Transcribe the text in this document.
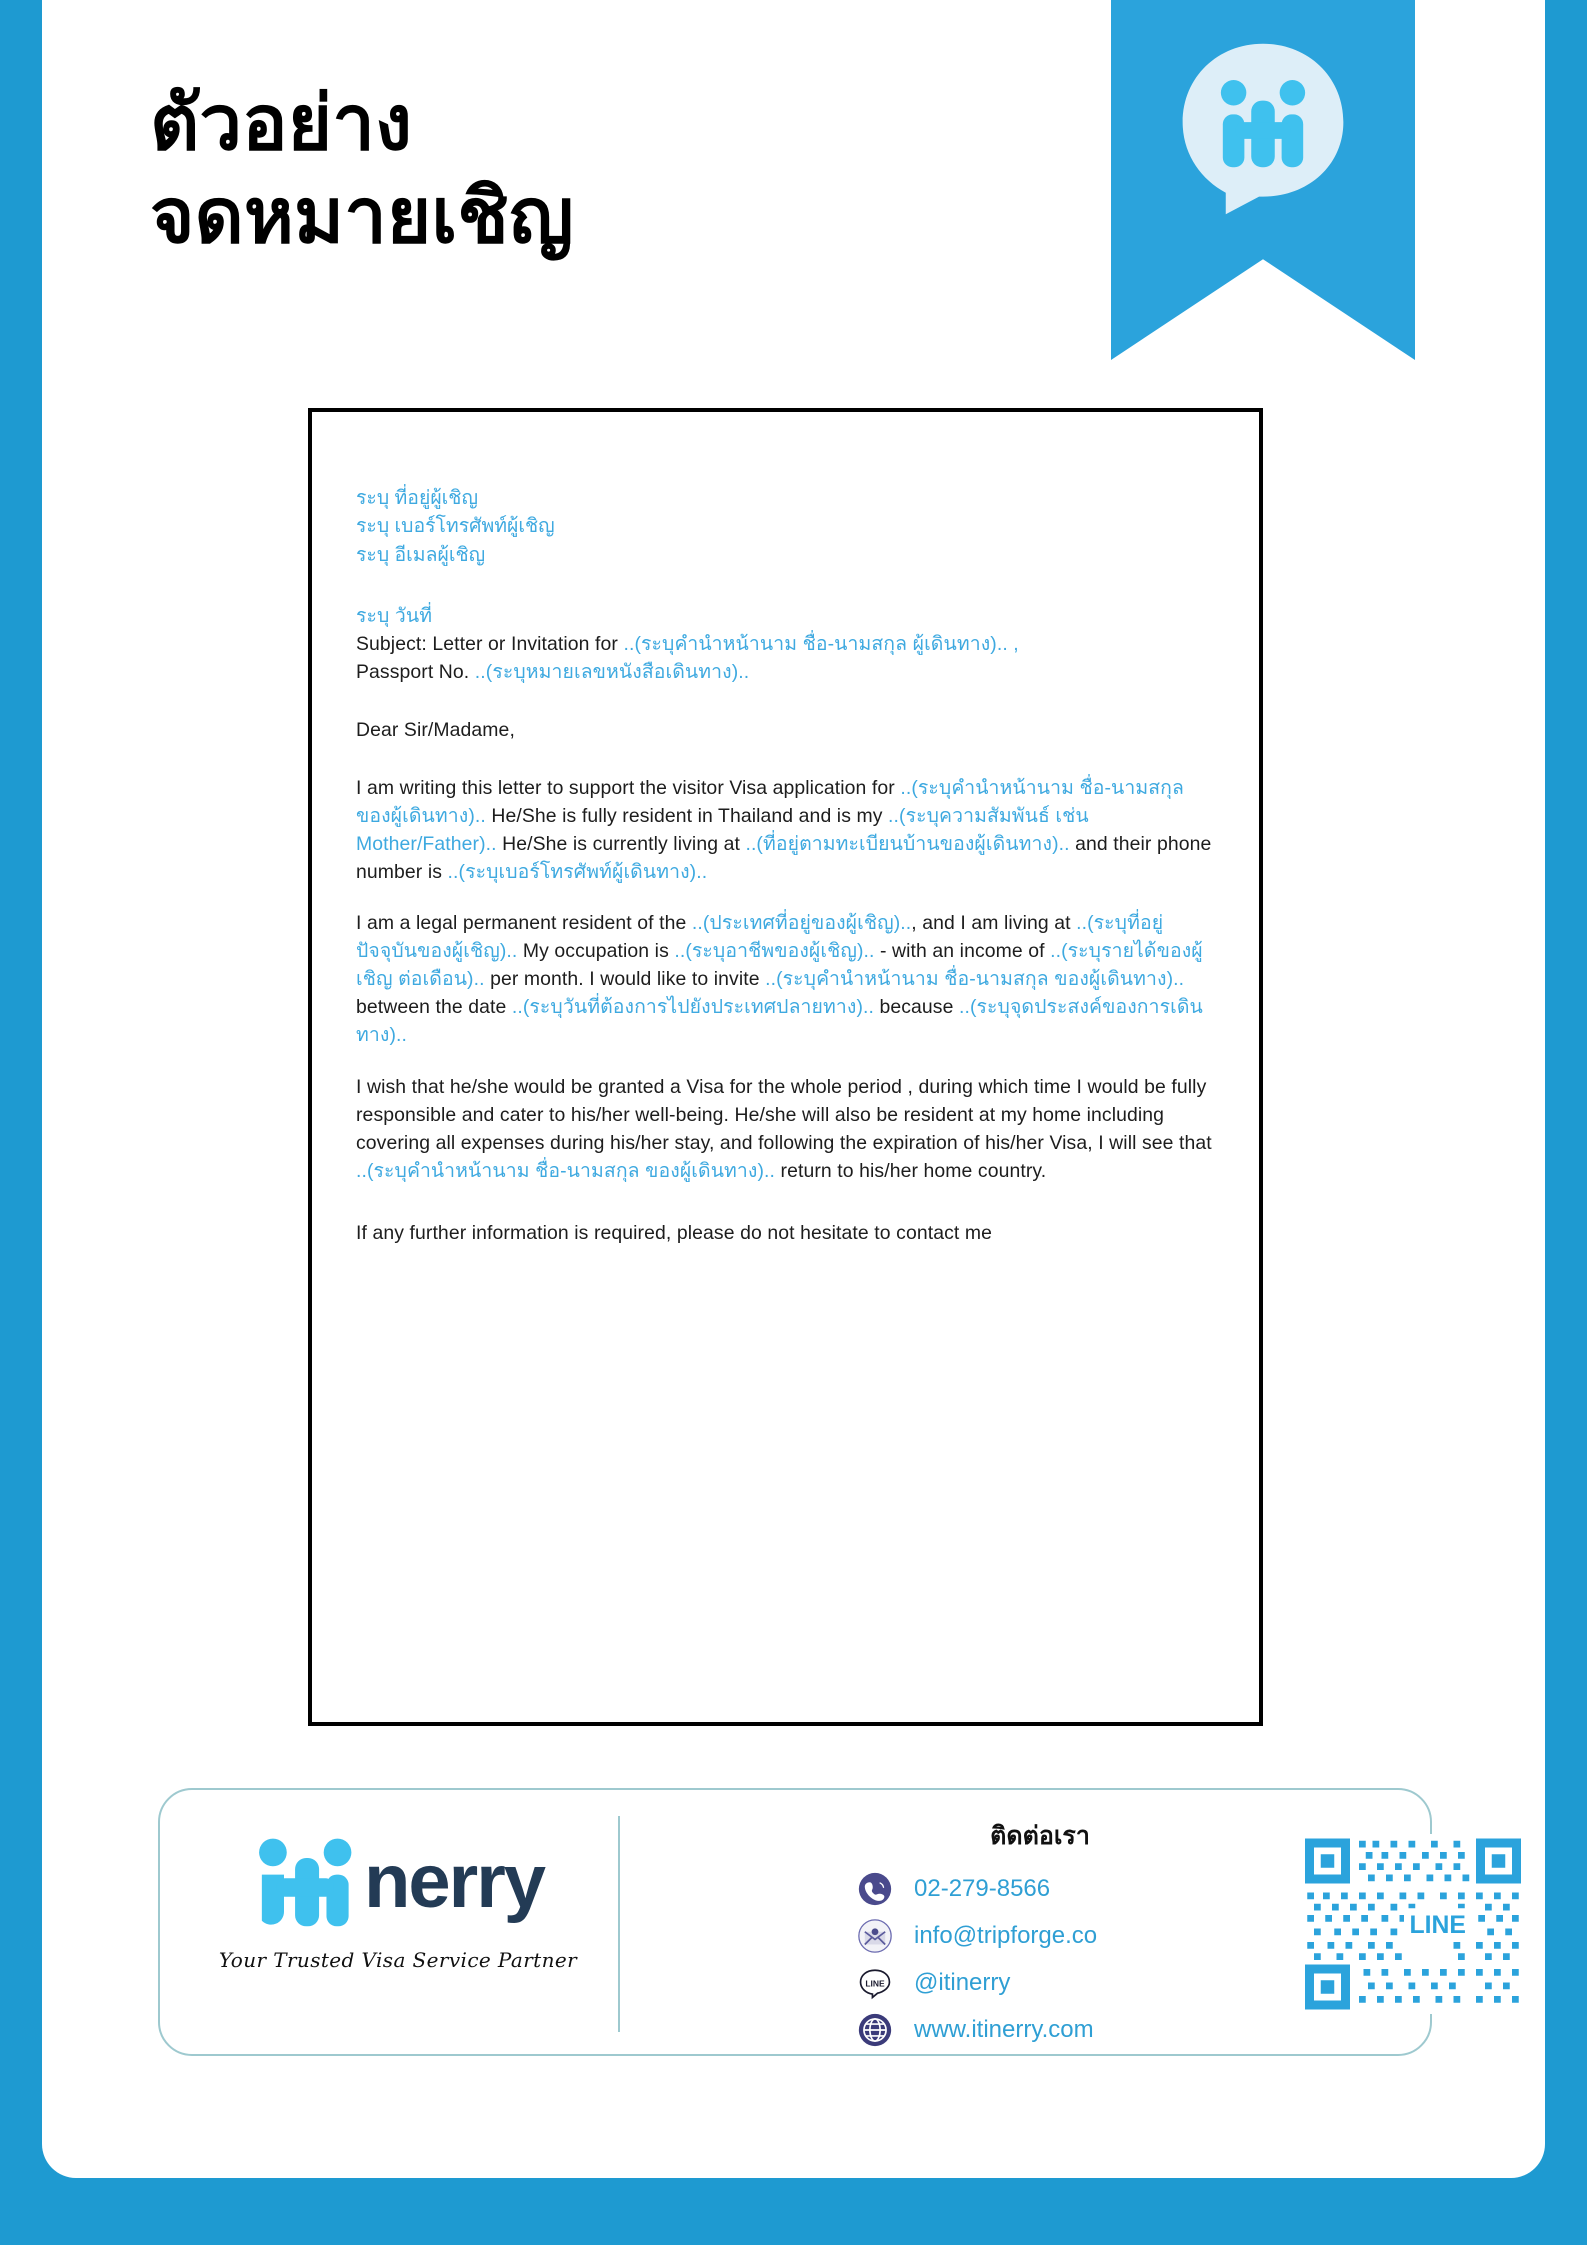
ตัวอย่าง
จดหมายเชิญ
ระบุ ที่อยู่ผู้เชิญ
ระบุ เบอร์โทรศัพท์ผู้เชิญ
ระบุ อีเมลผู้เชิญ
ระบุ วันที่
Subject: Letter or Invitation for ..(ระบุคำนำหน้านาม ชื่อ-นามสกุล ผู้เดินทาง).. ,
Passport No. ..(ระบุหมายเลขหนังสือเดินทาง)..
Dear Sir/Madame,

I am writing this letter to support the visitor Visa application for ..(ระบุคำนำหน้านาม ชื่อ-นามสกุล ของผู้เดินทาง).. He/She is fully resident in Thailand and is my ..(ระบุความสัมพันธ์ เช่น Mother/Father).. He/She is currently living at ..(ที่อยู่ตามทะเบียนบ้านของผู้เดินทาง).. and their phone number is ..(ระบุเบอร์โทรศัพท์ผู้เดินทาง)..

I am a legal permanent resident of the ..(ประเทศที่อยู่ของผู้เชิญ).., and I am living at ..(ระบุที่อยู่ปัจจุบันของผู้เชิญ).. My occupation is ..(ระบุอาชีพของผู้เชิญ).. - with an income of ..(ระบุรายได้ของผู้เชิญ ต่อเดือน).. per month. I would like to invite ..(ระบุคำนำหน้านาม ชื่อ-นามสกุล ของผู้เดินทาง).. between the date ..(ระบุวันที่ต้องการไปยังประเทศปลายทาง).. because ..(ระบุจุดประสงค์ของการเดินทาง)..

I wish that he/she would be granted a Visa for the whole period , during which time I would be fully responsible and cater to his/her well-being. He/she will also be resident at my home including covering all expenses during his/her stay, and following the expiration of his/her Visa, I will see that ..(ระบุคำนำหน้านาม ชื่อ-นามสกุล ของผู้เดินทาง).. return to his/her home country.

If any further information is required, please do not hesitate to contact me

nerry
Your Trusted Visa Service Partner
ติดต่อเรา
02-279-8566
info@tripforge.co
LINE @itinerry
www.itinerry.com
LINE
